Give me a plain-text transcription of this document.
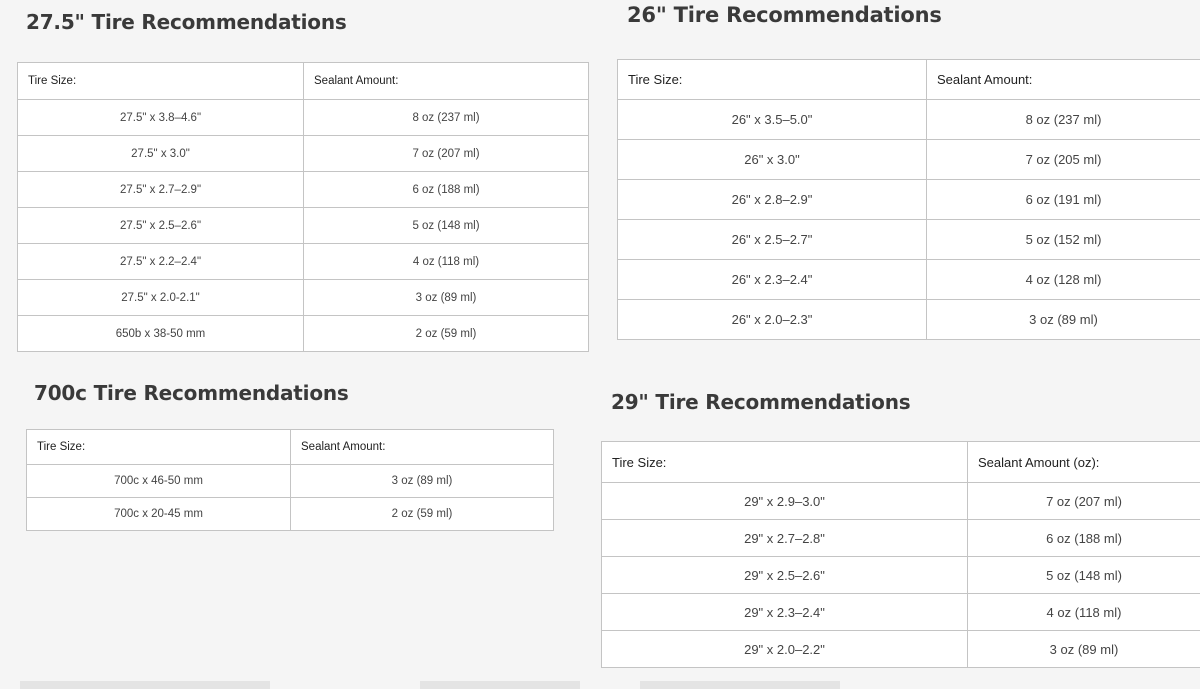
27.5" Tire Recommendations
Tire Size:	Sealant Amount:
27.5" x 3.8–4.6"	8 oz (237 ml)
27.5" x 3.0"	7 oz (207 ml)
27.5" x 2.7–2.9"	6 oz (188 ml)
27.5" x 2.5–2.6"	5 oz (148 ml)
27.5" x 2.2–2.4"	4 oz (118 ml)
27.5" x 2.0-2.1"	3 oz (89 ml)
650b x 38-50 mm	2 oz (59 ml)
26" Tire Recommendations
Tire Size:	Sealant Amount:
26" x 3.5–5.0"	8 oz (237 ml)
26" x 3.0"	7 oz (205 ml)
26" x 2.8–2.9"	6 oz (191 ml)
26" x 2.5–2.7"	5 oz (152 ml)
26" x 2.3–2.4"	4 oz (128 ml)
26" x 2.0–2.3"	3 oz (89 ml)
700c Tire Recommendations
Tire Size:	Sealant Amount:
700c x 46-50 mm	3 oz (89 ml)
700c x 20-45 mm	2 oz (59 ml)
29" Tire Recommendations
Tire Size:	Sealant Amount (oz):
29" x 2.9–3.0"	7 oz (207 ml)
29" x 2.7–2.8"	6 oz (188 ml)
29" x 2.5–2.6"	5 oz (148 ml)
29" x 2.3–2.4"	4 oz (118 ml)
29" x 2.0–2.2"	3 oz (89 ml)
